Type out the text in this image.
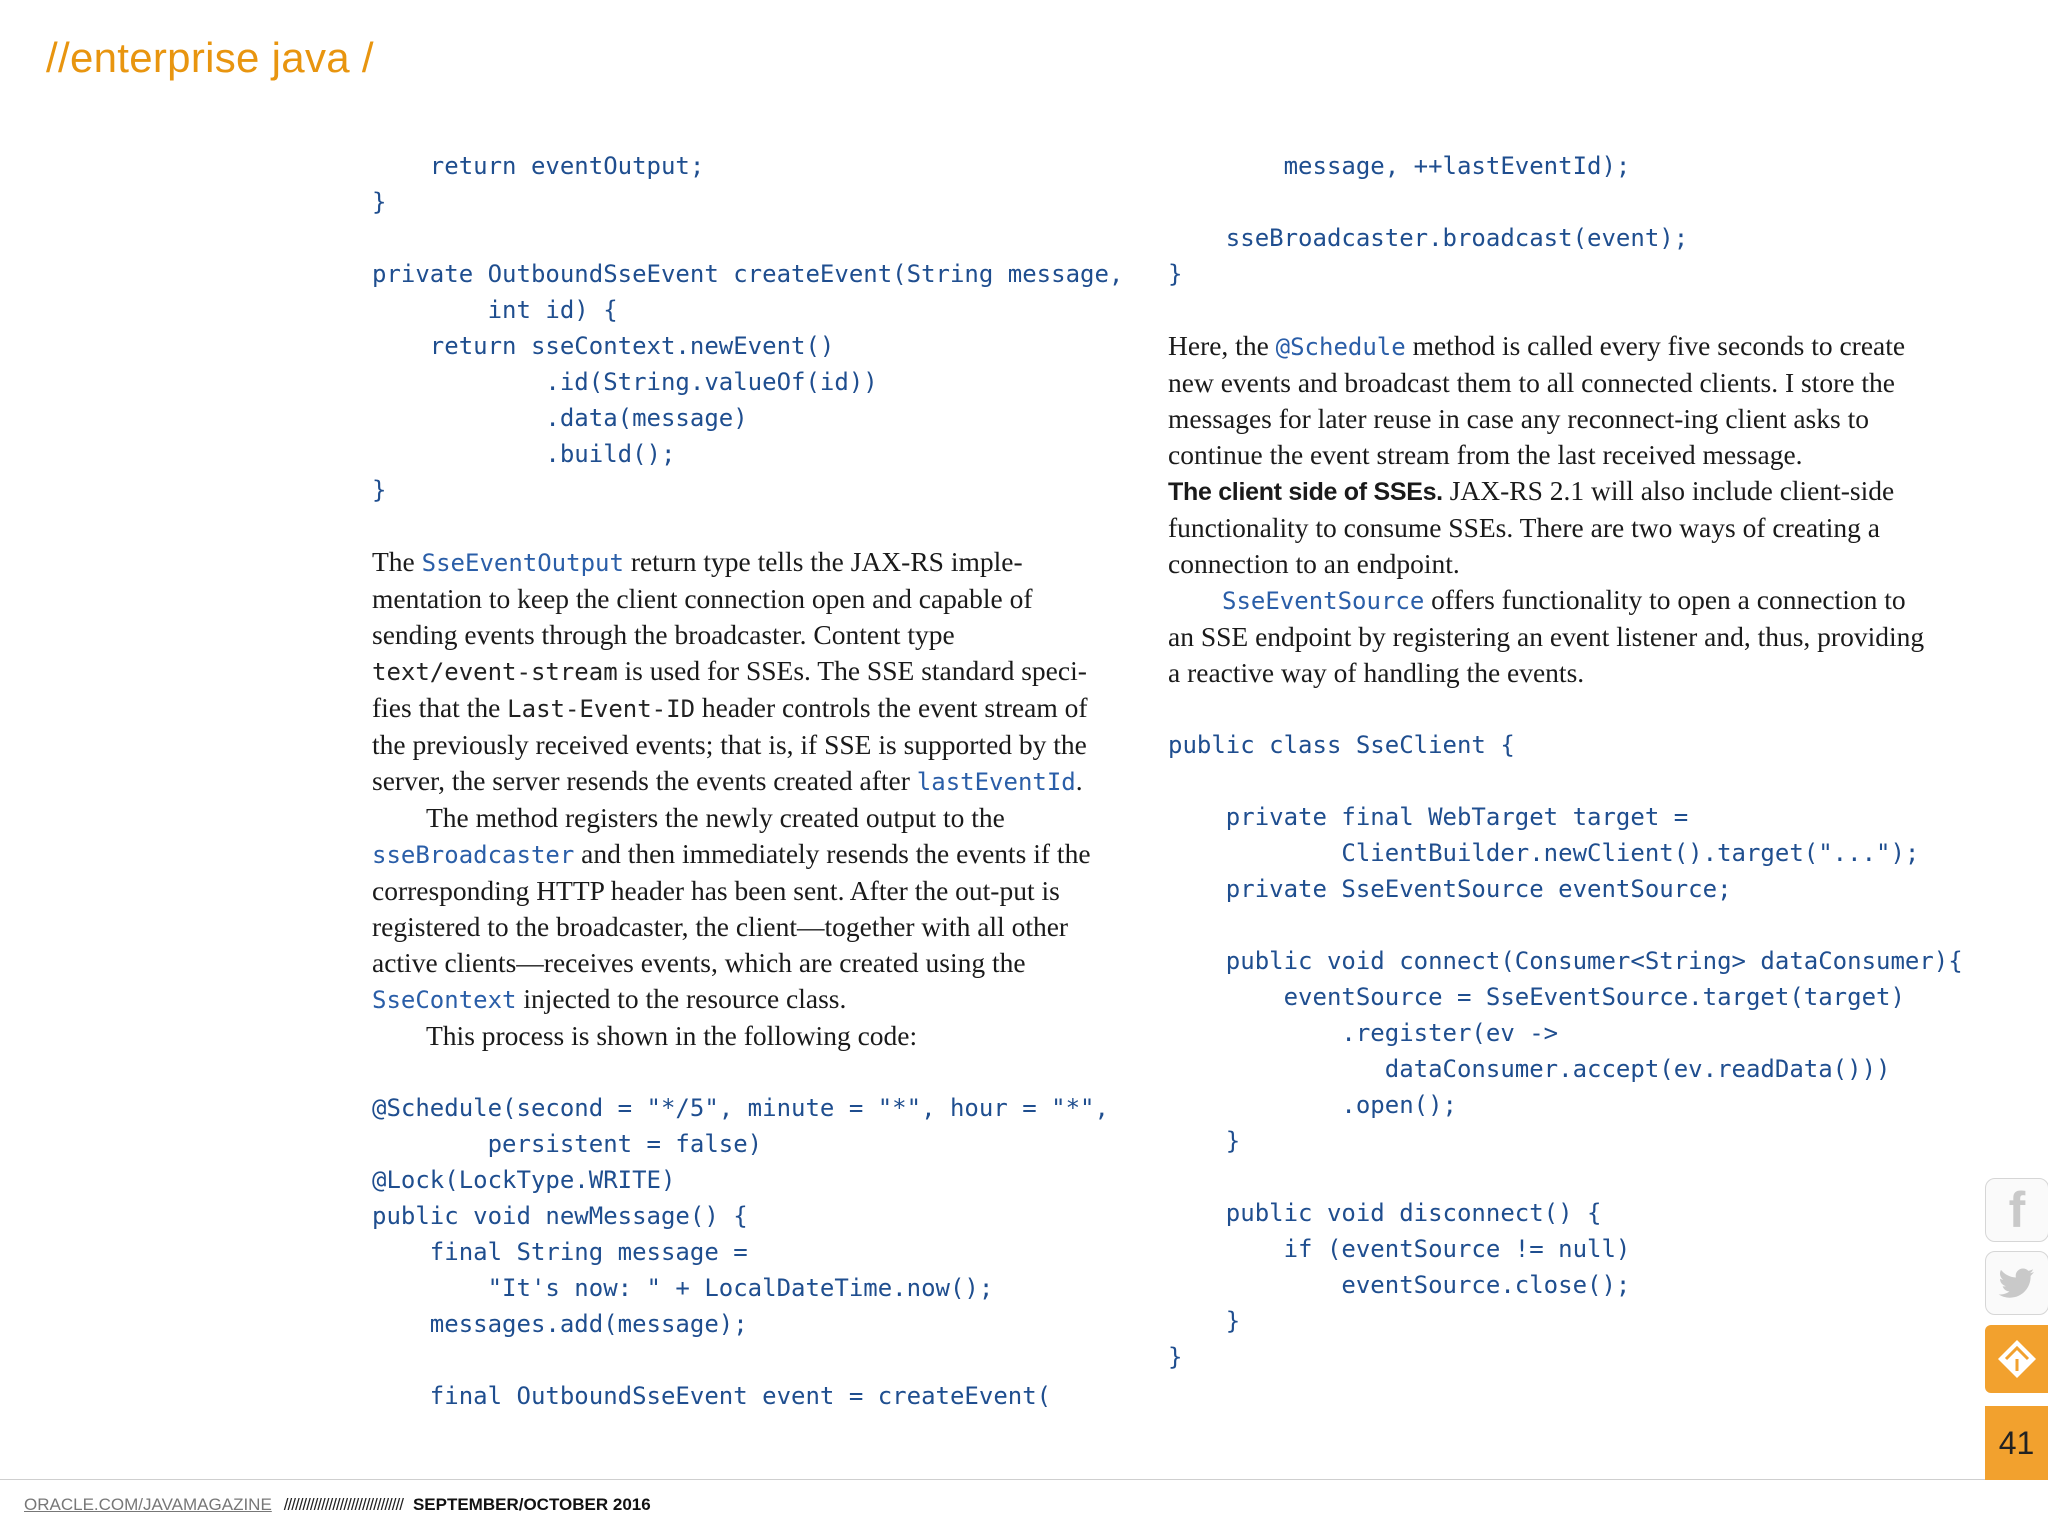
//enterprise java /
return eventOutput;
}

private OutboundSseEvent createEvent(String message,
int id) {
return sseContext.newEvent()
.id(String.valueOf(id))
.data(message)
.build();
}

The SseEventOutput return type tells the JAX-RS imple-mentation to keep the client connection open and capable of sending events through the broadcaster. Content type text/event-stream is used for SSEs. The SSE standard speci-fies that the Last-Event-ID header controls the event stream of the previously received events; that is, if SSE is supported by the server, the server resends the events created after lastEventId.

The method registers the newly created output to the sseBroadcaster and then immediately resends the events if the corresponding HTTP header has been sent. After the out-put is registered to the broadcaster, the client—together with all other active clients—receives events, which are created using the SseContext injected to the resource class.

This process is shown in the following code:

@Schedule(second = "*/5", minute = "*", hour = "*",
persistent = false)
@Lock(LockType.WRITE)
public void newMessage() {
final String message =
"It's now: " + LocalDateTime.now();
messages.add(message);

final OutboundSseEvent event = createEvent(
message, ++lastEventId);

sseBroadcaster.broadcast(event);
}

Here, the @Schedule method is called every five seconds to create new events and broadcast them to all connected clients. I store the messages for later reuse in case any reconnect-ing client asks to continue the event stream from the last received message.

The client side of SSEs. JAX-RS 2.1 will also include client-side functionality to consume SSEs. There are two ways of creating a connection to an endpoint.

SseEventSource offers functionality to open a connection to an SSE endpoint by registering an event listener and, thus, providing a reactive way of handling the events.

public class SseClient {

private final WebTarget target =
ClientBuilder.newClient().target("...");
private SseEventSource eventSource;

public void connect(Consumer<String> dataConsumer){
eventSource = SseEventSource.target(target)
.register(ev ->
dataConsumer.accept(ev.readData()))
.open();
}

public void disconnect() {
if (eventSource != null)
eventSource.close();
}
}
ORACLE.COM/JAVAMAGAZINE //////////////////////////////// SEPTEMBER/OCTOBER 2016
f
41
